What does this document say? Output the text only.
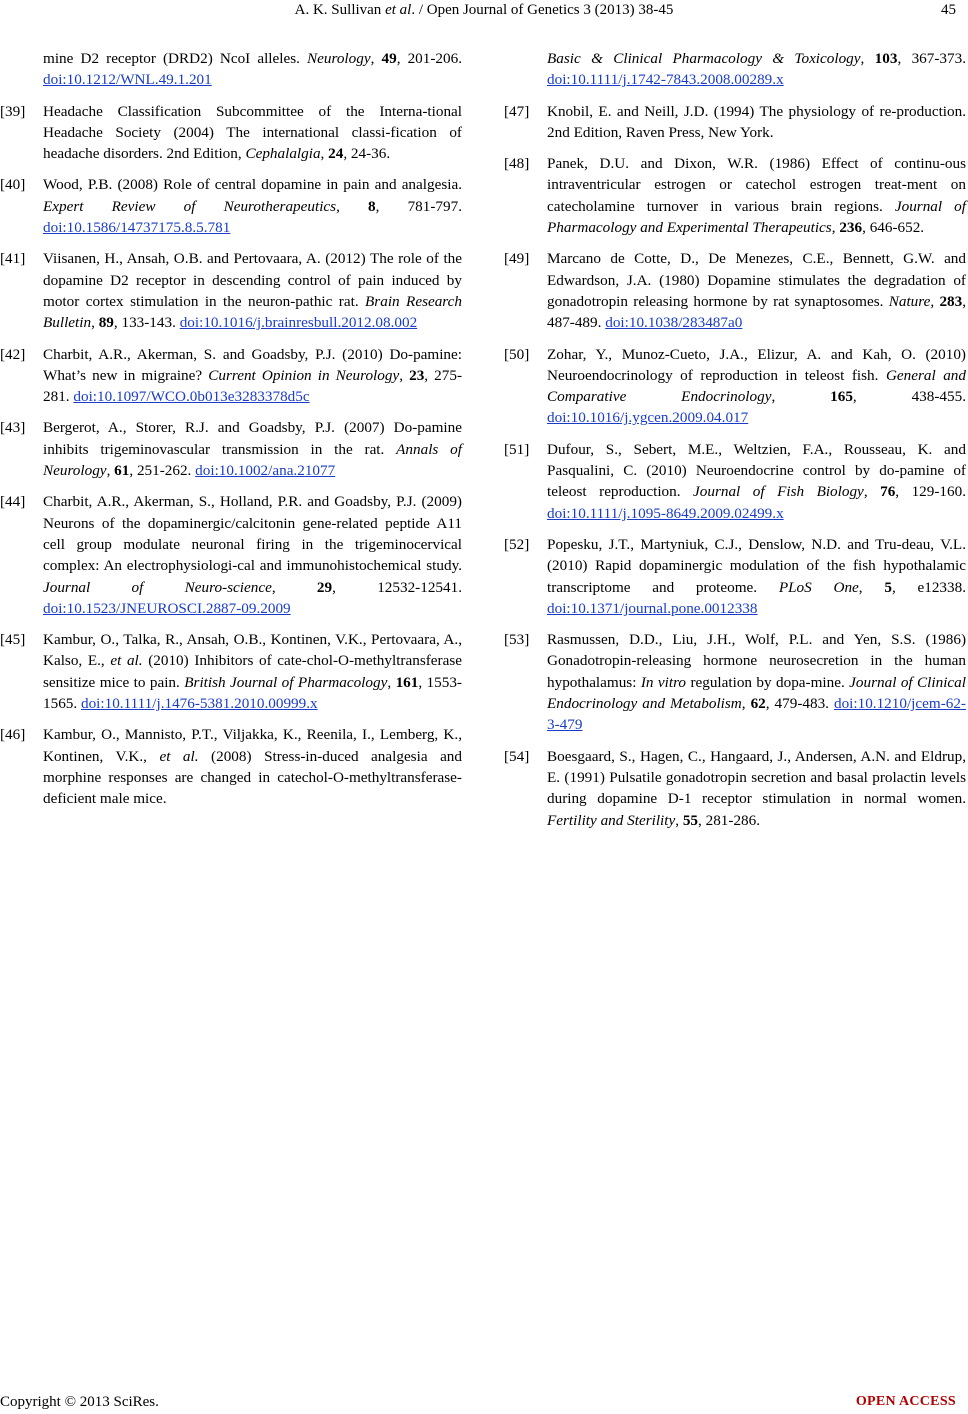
A. K. Sullivan et al. / Open Journal of Genetics 3 (2013) 38-45	45
mine D2 receptor (DRD2) NcoI alleles. Neurology, 49, 201-206. doi:10.1212/WNL.49.1.201
[39] Headache Classification Subcommittee of the Interna-tional Headache Society (2004) The international classi-fication of headache disorders. 2nd Edition, Cephalalgia, 24, 24-36.
[40] Wood, P.B. (2008) Role of central dopamine in pain and analgesia. Expert Review of Neurotherapeutics, 8, 781-797. doi:10.1586/14737175.8.5.781
[41] Viisanen, H., Ansah, O.B. and Pertovaara, A. (2012) The role of the dopamine D2 receptor in descending control of pain induced by motor cortex stimulation in the neuron-pathic rat. Brain Research Bulletin, 89, 133-143. doi:10.1016/j.brainresbull.2012.08.002
[42] Charbit, A.R., Akerman, S. and Goadsby, P.J. (2010) Do-pamine: What’s new in migraine? Current Opinion in Neurology, 23, 275-281. doi:10.1097/WCO.0b013e3283378d5c
[43] Bergerot, A., Storer, R.J. and Goadsby, P.J. (2007) Do-pamine inhibits trigeminovascular transmission in the rat. Annals of Neurology, 61, 251-262. doi:10.1002/ana.21077
[44] Charbit, A.R., Akerman, S., Holland, P.R. and Goadsby, P.J. (2009) Neurons of the dopaminergic/calcitonin gene-related peptide A11 cell group modulate neuronal firing in the trigeminocervical complex: An electrophysiologi-cal and immunohistochemical study. Journal of Neuro-science, 29, 12532-12541. doi:10.1523/JNEUROSCI.2887-09.2009
[45] Kambur, O., Talka, R., Ansah, O.B., Kontinen, V.K., Pertovaara, A., Kalso, E., et al. (2010) Inhibitors of cate-chol-O-methyltransferase sensitize mice to pain. British Journal of Pharmacology, 161, 1553-1565. doi:10.1111/j.1476-5381.2010.00999.x
[46] Kambur, O., Mannisto, P.T., Viljakka, K., Reenila, I., Lemberg, K., Kontinen, V.K., et al. (2008) Stress-in-duced analgesia and morphine responses are changed in catechol-O-methyltransferase-deficient male mice.
Basic & Clinical Pharmacology & Toxicology, 103, 367-373. doi:10.1111/j.1742-7843.2008.00289.x
[47] Knobil, E. and Neill, J.D. (1994) The physiology of re-production. 2nd Edition, Raven Press, New York.
[48] Panek, D.U. and Dixon, W.R. (1986) Effect of continu-ous intraventricular estrogen or catechol estrogen treat-ment on catecholamine turnover in various brain regions. Journal of Pharmacology and Experimental Therapeutics, 236, 646-652.
[49] Marcano de Cotte, D., De Menezes, C.E., Bennett, G.W. and Edwardson, J.A. (1980) Dopamine stimulates the degradation of gonadotropin releasing hormone by rat synaptosomes. Nature, 283, 487-489. doi:10.1038/283487a0
[50] Zohar, Y., Munoz-Cueto, J.A., Elizur, A. and Kah, O. (2010) Neuroendocrinology of reproduction in teleost fish. General and Comparative Endocrinology, 165, 438-455. doi:10.1016/j.ygcen.2009.04.017
[51] Dufour, S., Sebert, M.E., Weltzien, F.A., Rousseau, K. and Pasqualini, C. (2010) Neuroendocrine control by do-pamine of teleost reproduction. Journal of Fish Biology, 76, 129-160. doi:10.1111/j.1095-8649.2009.02499.x
[52] Popesku, J.T., Martyniuk, C.J., Denslow, N.D. and Tru-deau, V.L. (2010) Rapid dopaminergic modulation of the fish hypothalamic transcriptome and proteome. PLoS One, 5, e12338. doi:10.1371/journal.pone.0012338
[53] Rasmussen, D.D., Liu, J.H., Wolf, P.L. and Yen, S.S. (1986) Gonadotropin-releasing hormone neurosecretion in the human hypothalamus: In vitro regulation by dopa-mine. Journal of Clinical Endocrinology and Metabolism, 62, 479-483. doi:10.1210/jcem-62-3-479
[54] Boesgaard, S., Hagen, C., Hangaard, J., Andersen, A.N. and Eldrup, E. (1991) Pulsatile gonadotropin secretion and basal prolactin levels during dopamine D-1 receptor stimulation in normal women. Fertility and Sterility, 55, 281-286.
Copyright © 2013 SciRes.	OPEN ACCESS
